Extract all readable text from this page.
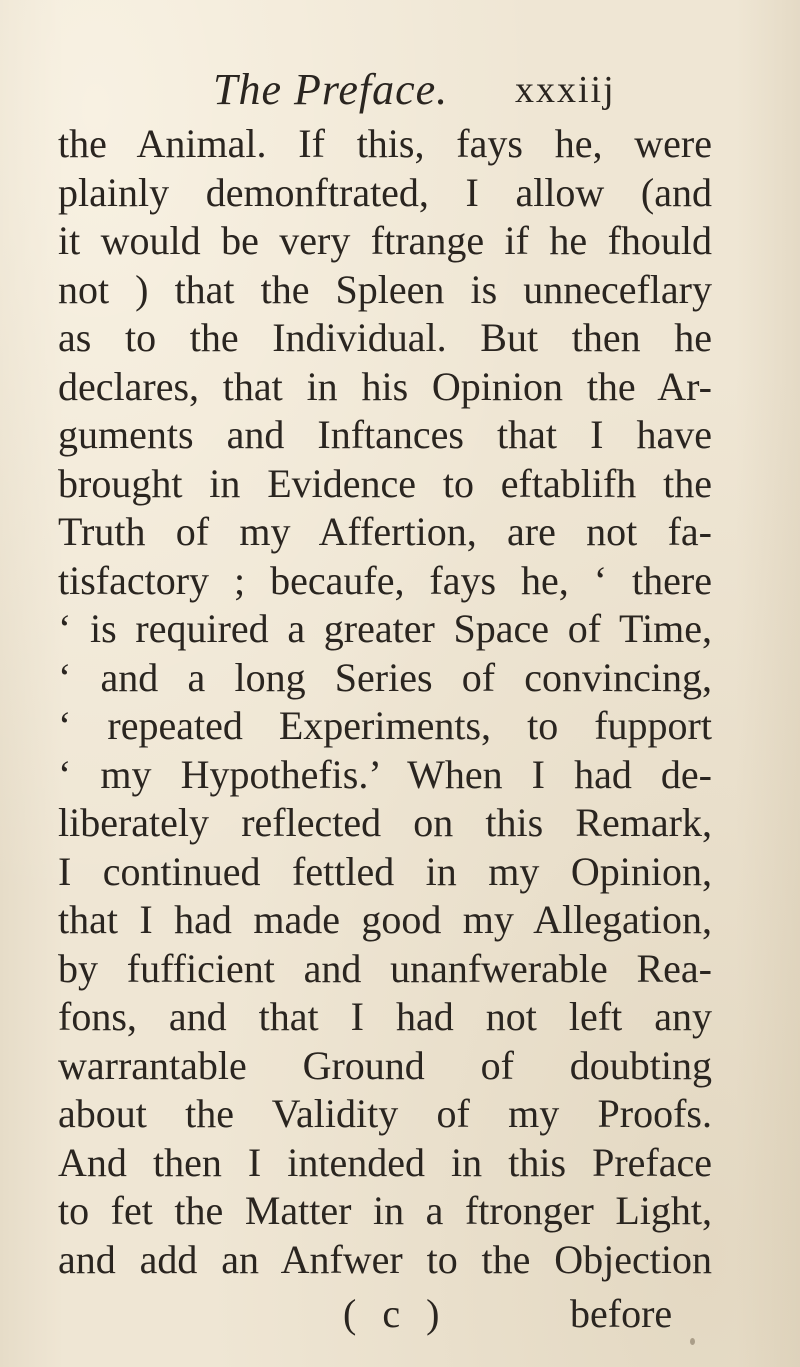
The Preface. xxxiij
the Animal. If this, fays he, were
plainly demonftrated, I allow (and
it would be very ftrange if he fhould
not ) that the Spleen is unneceflary
as to the Individual. But then he
declares, that in his Opinion the Ar-
guments and Inftances that I have
brought in Evidence to eftablifh the
Truth of my Affertion, are not fa-
tisfactory ; becaufe, fays he, ‘ there
‘ is required a greater Space of Time,
‘ and a long Series of convincing,
‘ repeated Experiments, to fupport
‘ my Hypothefis.’ When I had de-
liberately reflected on this Remark,
I continued fettled in my Opinion,
that I had made good my Allegation,
by fufficient and unanfwerable Rea-
fons, and that I had not left any
warrantable Ground of doubting
about the Validity of my Proofs.
And then I intended in this Preface
to fet the Matter in a ftronger Light,
and add an Anfwer to the Objection
( c )	before
